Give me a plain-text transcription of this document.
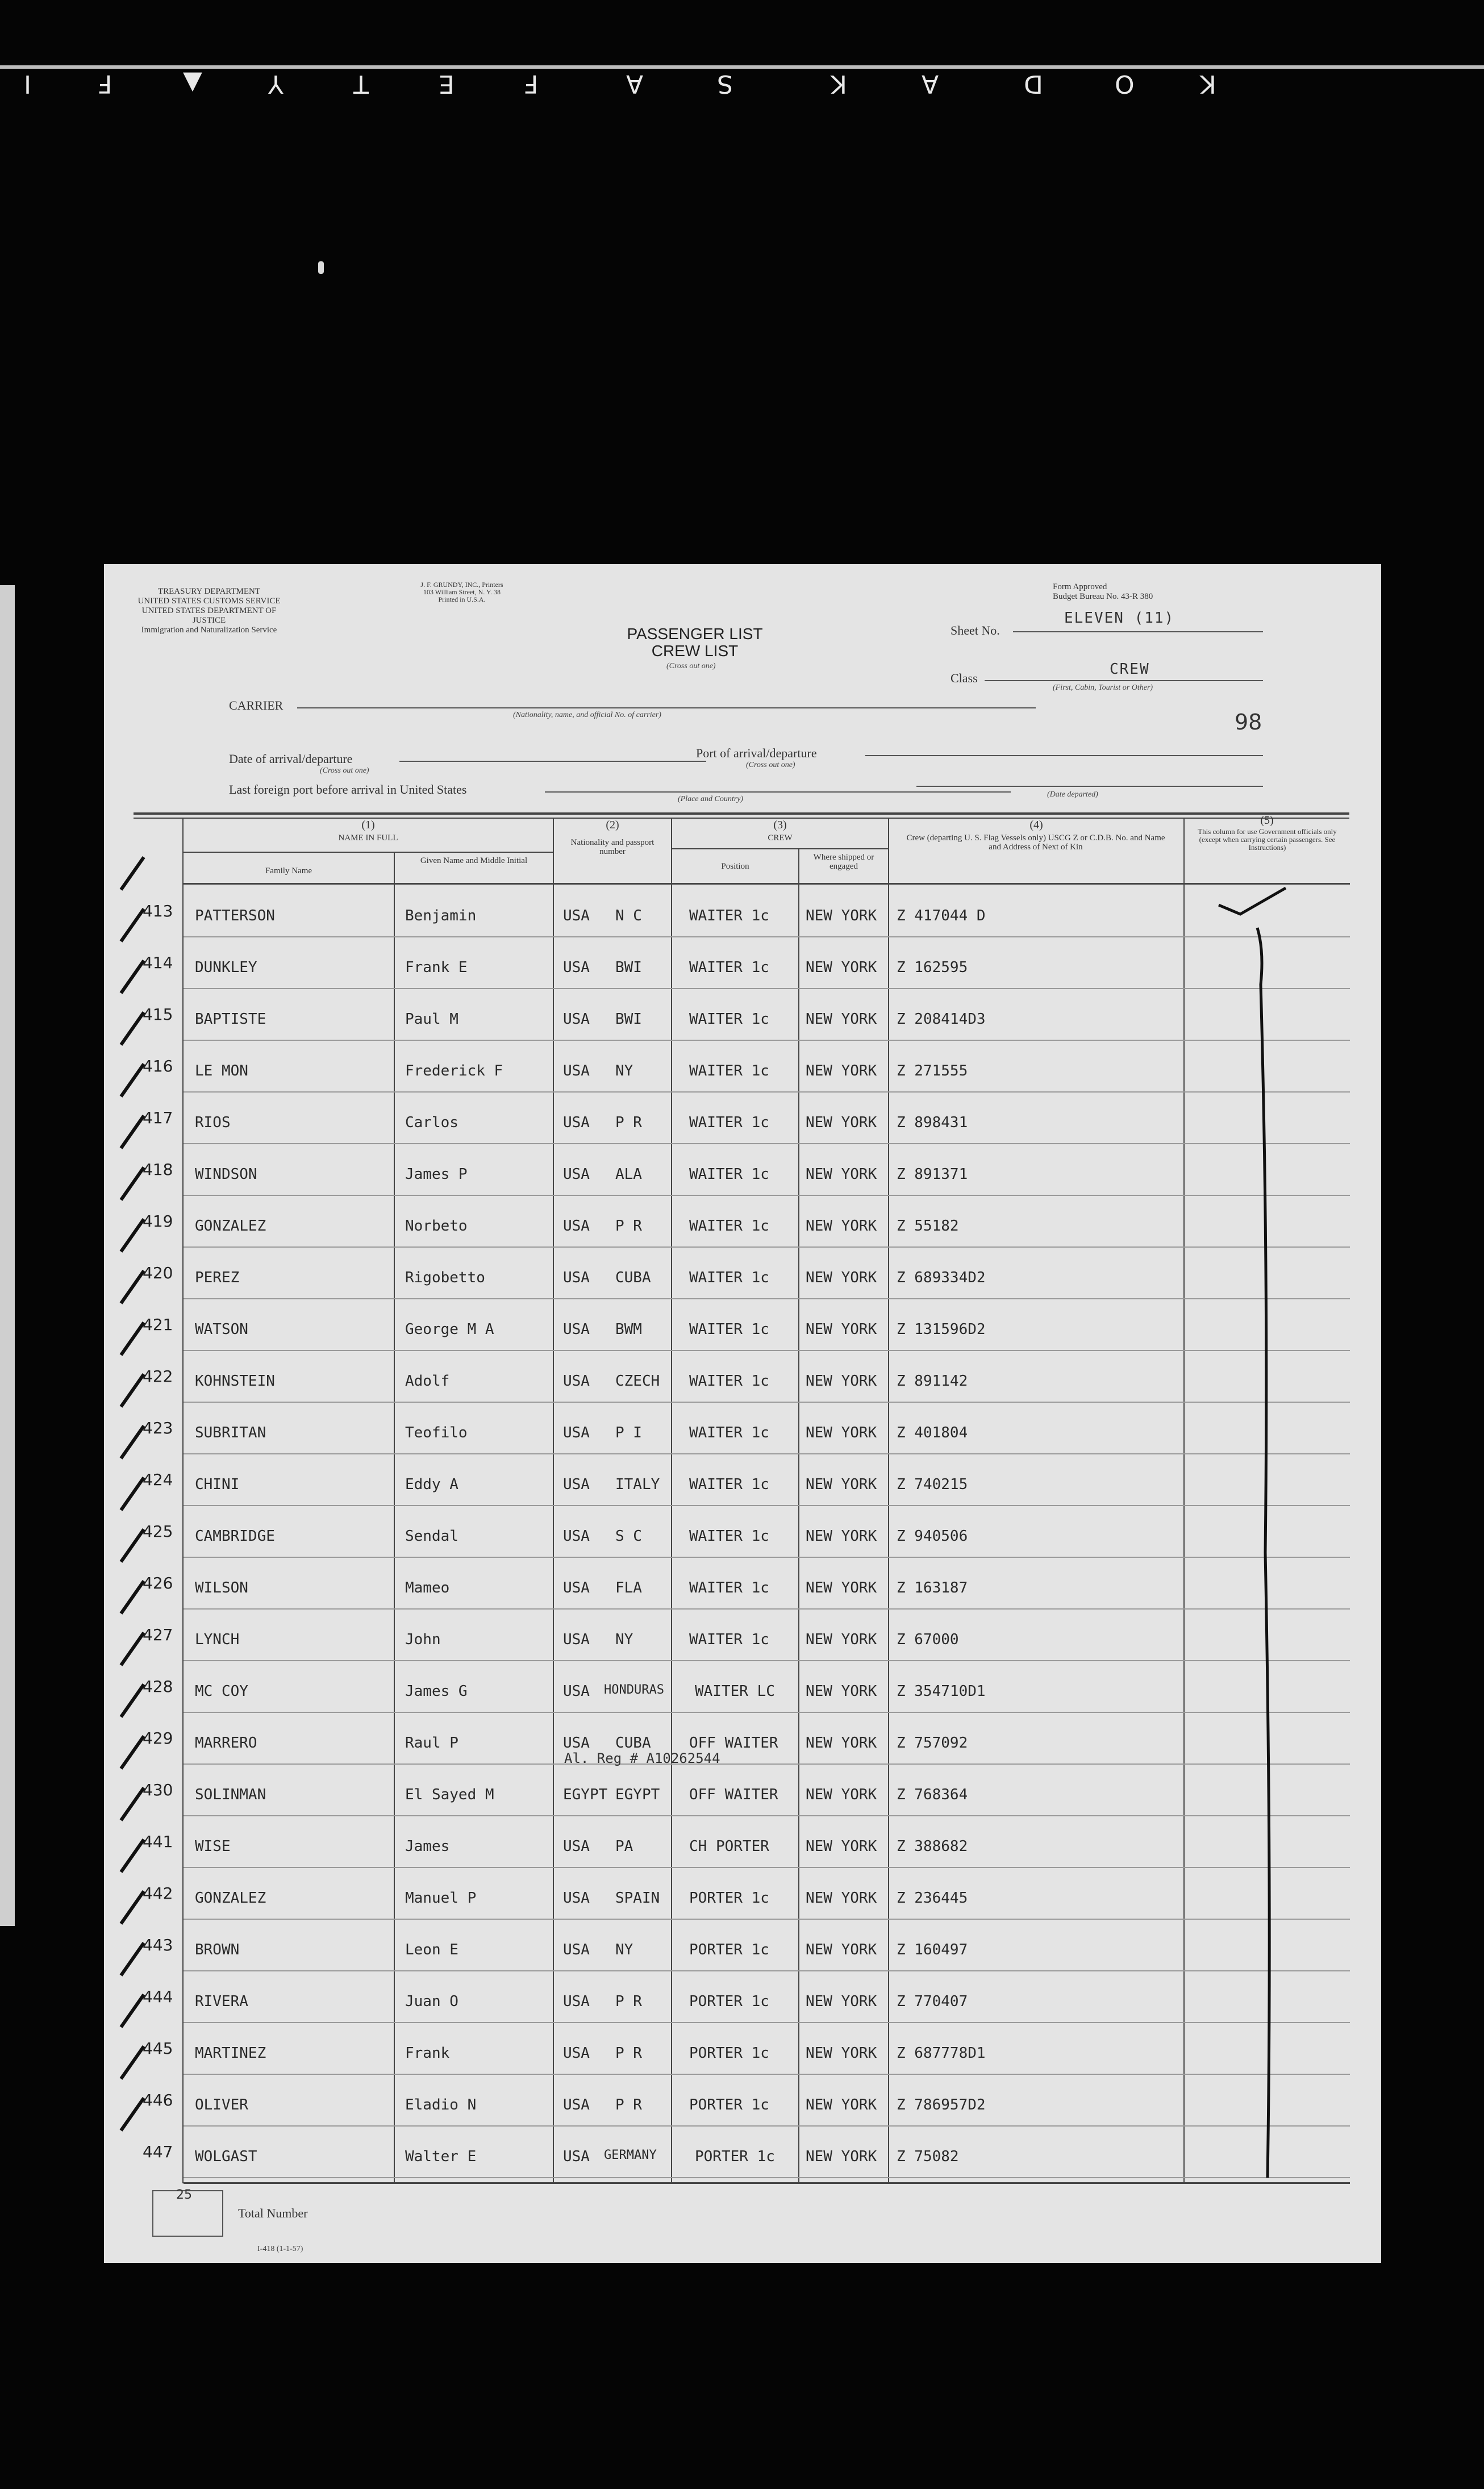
I	F	▲	Y	T	E	F	A	S	K	A	D	O	K
TREASURY DEPARTMENT
UNITED STATES CUSTOMS SERVICE
UNITED STATES DEPARTMENT OF JUSTICE
Immigration and Naturalization Service
J. F. GRUNDY, INC., Printers
103 William Street, N. Y. 38
Printed in U.S.A.
Form Approved
Budget Bureau No. 43-R 380
PASSENGER LIST
CREW LIST
(Cross out one)
Sheet No.
ELEVEN (11)
Class
CREW
(First, Cabin, Tourist or Other)
98
CARRIER
(Nationality, name, and official No. of carrier)
Date of arrival/departure
(Cross out one)
Port of arrival/departure
(Cross out one)
Last foreign port before arrival in United States
(Place and Country)
(Date departed)
(1)
NAME IN FULL
Family Name
Given Name and Middle Initial
(2)
Nationality and passport number
(3)
CREW
Position
Where shipped or engaged
(4)
Crew (departing U. S. Flag Vessels only) USCG Z or C.D.B. No. and Name and Address of Next of Kin
(5)
This column for use Government officials only (except when carrying certain passengers. See Instructions)
413 PATTERSON	Benjamin	USA N C	WAITER 1c NEW YORK Z 417044 D
414 DUNKLEY	Frank E	USA BWI	WAITER 1c NEW YORK Z 162595
415 BAPTISTE	Paul M	USA BWI	WAITER 1c NEW YORK Z 208414D3
416 LE MON	Frederick F	USA NY	WAITER 1c NEW YORK Z 271555
417 RIOS	Carlos	USA P R	WAITER 1c NEW YORK Z 898431
418 WINDSON	James P	USA ALA	WAITER 1c NEW YORK Z 891371
419 GONZALEZ	Norbeto	USA P R	WAITER 1c NEW YORK Z 55182
420 PEREZ	Rigobetto	USA CUBA	WAITER 1c NEW YORK Z 689334D2
421 WATSON	George M A	USA BWM	WAITER 1c NEW YORK Z 131596D2
422 KOHNSTEIN	Adolf	USA CZECH WAITER 1c NEW YORK Z 891142
423 SUBRITAN	Teofilo	USA P I	WAITER 1c NEW YORK Z 401804
424 CHINI	Eddy A	USA ITALY WAITER 1c NEW YORK Z 740215
425 CAMBRIDGE	Sendal	USA S C	WAITER 1c NEW YORK Z 940506
426 WILSON	Mameo	USA FLA	WAITER 1c NEW YORK Z 163187
427 LYNCH	John	USA NY	WAITER 1c NEW YORK Z 67000
428 MC COY	James G	USA HONDURAS WAITER LC NEW YORK Z 354710D1
429 MARRERO	Raul P	USA CUBA	OFF WAITER NEW YORK Z 757092
430 SOLINMAN	El Sayed M	EGYPT EGYPT OFF WAITER NEW YORK Z 768364
441 WISE	James	USA PA	CH PORTER NEW YORK Z 388682
442 GONZALEZ	Manuel P	USA SPAIN PORTER 1c NEW YORK Z 236445
443 BROWN	Leon E	USA NY	PORTER 1c NEW YORK Z 160497
444 RIVERA	Juan O	USA P R	PORTER 1c NEW YORK Z 770407
445 MARTINEZ	Frank	USA P R	PORTER 1c NEW YORK Z 687778D1
446 OLIVER	Eladio N	USA P R	PORTER 1c NEW YORK Z 786957D2
447 WOLGAST	Walter E	USA GERMANY	PORTER 1c NEW YORK Z 75082
Al. Reg # A10262544
25
Total Number
I-418 (1-1-57)
